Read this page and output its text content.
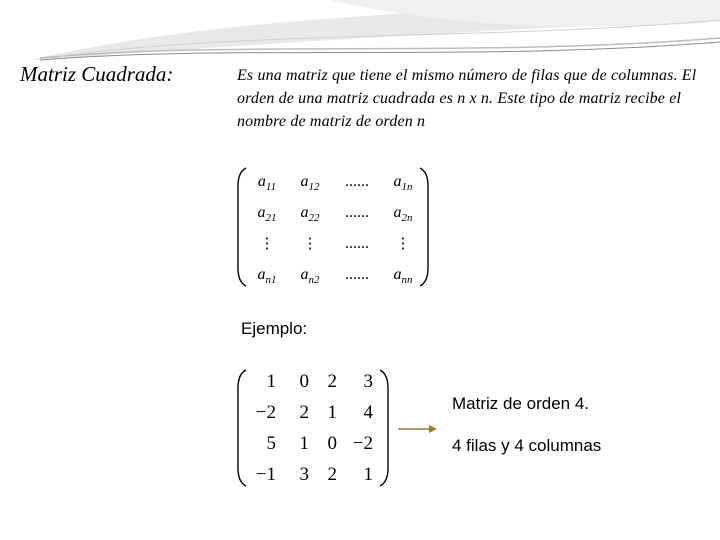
Matriz Cuadrada:	Es una matriz que tiene el mismo número de filas que de columnas. El orden de una matriz cuadrada es n x n. Este tipo de matriz recibe el nombre de matriz de orden n
$a_{11}$	$a_{12}$	......	$a_{1n}$
$a_{21}$	$a_{22}$	......	$a_{2n}$
⋮	⋮	......	⋮
$a_{n1}$	$a_{n2}$	......	$a_{nn}$
Ejemplo:
1	0	2	3
−2	2	1	4
5	1	0	−2
−1	3	2	1
Matriz de orden 4.
4 filas y 4 columnas
